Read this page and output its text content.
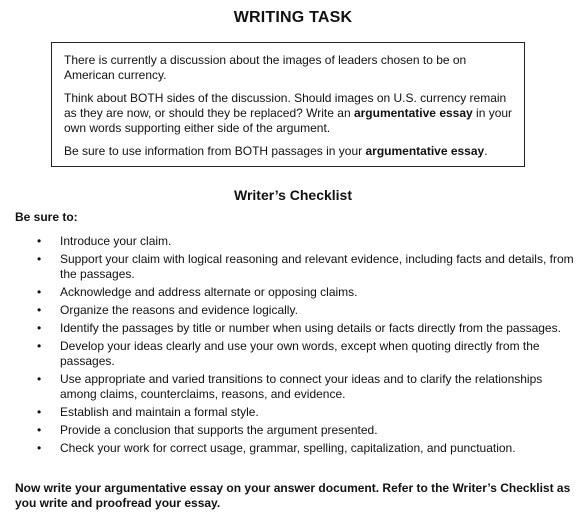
WRITING TASK

There is currently a discussion about the images of leaders chosen to be on American currency.

Think about BOTH sides of the discussion. Should images on U.S. currency remain as they are now, or should they be replaced? Write an argumentative essay in your own words supporting either side of the argument.

Be sure to use information from BOTH passages in your argumentative essay.

Writer’s Checklist
Be sure to:
• Introduce your claim.
• Support your claim with logical reasoning and relevant evidence, including facts and details, from the passages.
• Acknowledge and address alternate or opposing claims.
• Organize the reasons and evidence logically.
• Identify the passages by title or number when using details or facts directly from the passages.
• Develop your ideas clearly and use your own words, except when quoting directly from the passages.
• Use appropriate and varied transitions to connect your ideas and to clarify the relationships among claims, counterclaims, reasons, and evidence.
• Establish and maintain a formal style.
• Provide a conclusion that supports the argument presented.
• Check your work for correct usage, grammar, spelling, capitalization, and punctuation.
Now write your argumentative essay on your answer document. Refer to the Writer’s Checklist as you write and proofread your essay.
